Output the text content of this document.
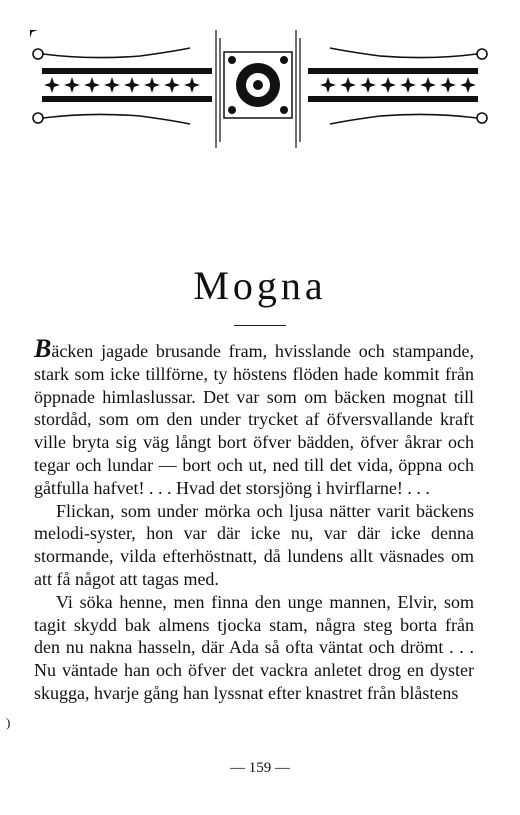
Mogna

Bäcken jagade brusande fram, hvisslande och stampande, stark som icke tillförne, ty höstens flöden hade kommit från öppnade himlaslussar. Det var som om bäcken mognat till stordåd, som om den under trycket af öfversvallande kraft ville bryta sig väg långt bort öfver bädden, öfver åkrar och tegar och lundar — bort och ut, ned till det vida, öppna och gåtfulla hafvet! . . . Hvad det storsjöng i hvirflarne! . . .

Flickan, som under mörka och ljusa nätter varit bäckens melodi-syster, hon var där icke nu, var där icke denna stormande, vilda efterhöstnatt, då lundens allt väsnades om att få något att tagas med.

Vi söka henne, men finna den unge mannen, Elvir, som tagit skydd bak almens tjocka stam, några steg borta från den nu nakna hasseln, där Ada så ofta väntat och drömt . . . Nu väntade han och öfver det vackra anletet drog en dyster skugga, hvarje gång han lyssnat efter knastret från blåstens

)
— 159 —
